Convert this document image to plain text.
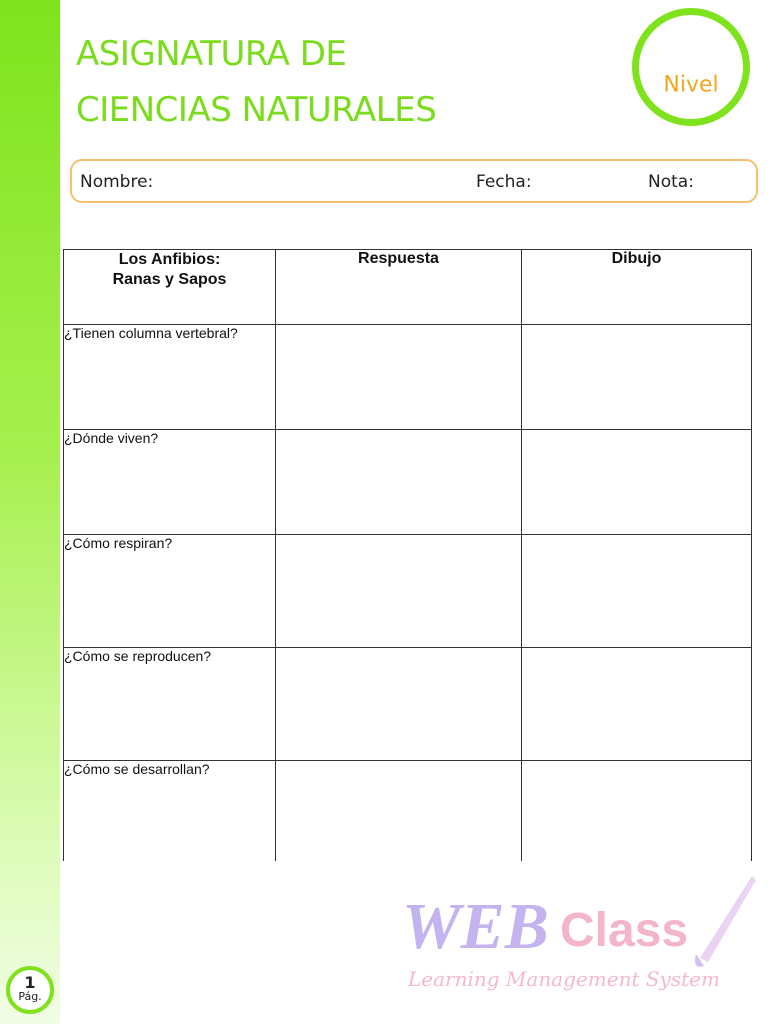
ASIGNATURA DE
CIENCIAS NATURALES
Nivel
Nombre:	Fecha:	Nota:
Los Anfibios:
Ranas y Sapos	Respuesta	Dibujo
¿Tienen columna vertebral?		
¿Dónde viven?		
¿Cómo respiran?		
¿Cómo se reproducen?		
¿Cómo se desarrollan?		
WEB Class
Learning Management System
1
Pág.
